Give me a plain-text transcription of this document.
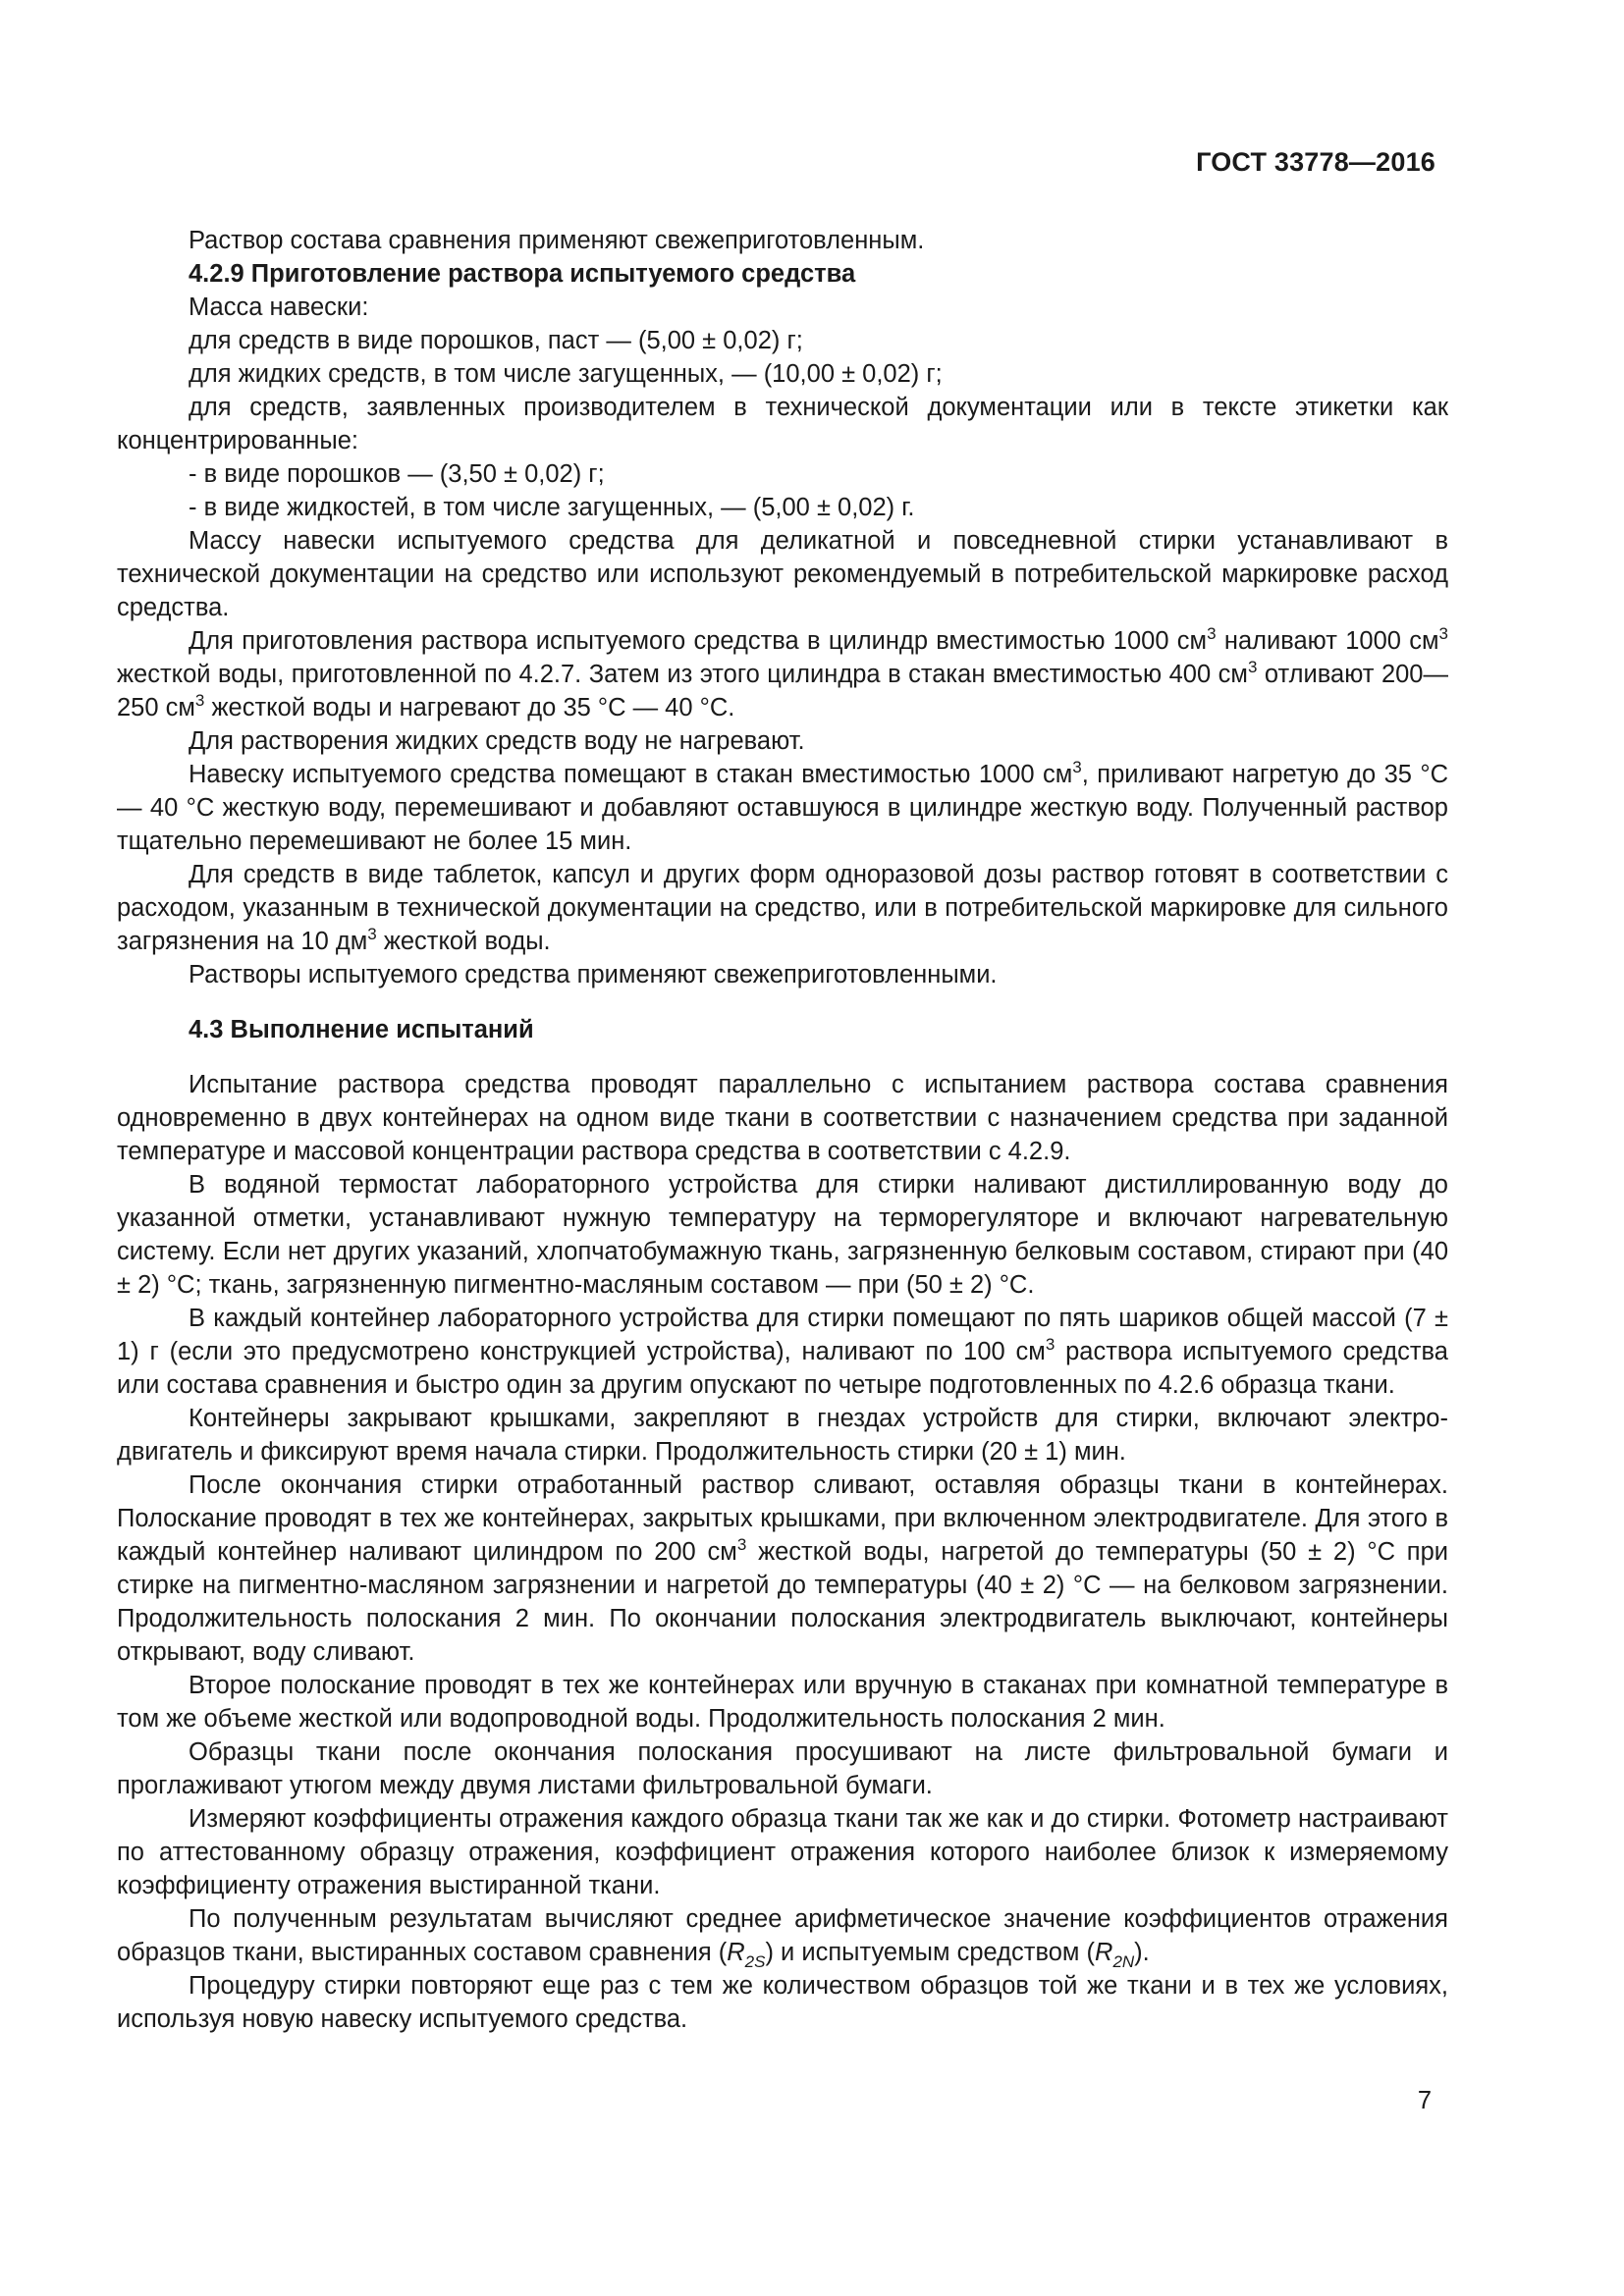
ГОСТ 33778—2016

Раствор состава сравнения применяют свежеприготовленным.

4.2.9 Приготовление раствора испытуемого средства

Масса навески:

для средств в виде порошков, паст — (5,00 ± 0,02) г;

для жидких средств, в том числе загущенных, — (10,00 ± 0,02) г;

для средств, заявленных производителем в технической документации или в тексте этикетки как концентрированные:

- в виде порошков — (3,50 ± 0,02) г;

- в виде жидкостей, в том числе загущенных, — (5,00 ± 0,02) г.

Массу навески испытуемого средства для деликатной и повседневной стирки устанавливают в технической документации на средство или используют рекомендуемый в потребительской маркировке расход средства.

Для приготовления раствора испытуемого средства в цилиндр вместимостью 1000 $см^3$ наливают 1000 $см^3$ жесткой воды, приготовленной по 4.2.7. Затем из этого цилиндра в стакан вместимостью 400 $см^3$ отливают 200—250 $см^3$ жесткой воды и нагревают до 35 °С — 40 °С.

Для растворения жидких средств воду не нагревают.

Навеску испытуемого средства помещают в стакан вместимостью 1000 $см^3$, приливают нагретую до 35 °С — 40 °С жесткую воду, перемешивают и добавляют оставшуюся в цилиндре жесткую воду. Полученный раствор тщательно перемешивают не более 15 мин.

Для средств в виде таблеток, капсул и других форм одноразовой дозы раствор готовят в соответствии с расходом, указанным в технической документации на средство, или в потребительской маркировке для сильного загрязнения на 10 $дм^3$ жесткой воды.

Растворы испытуемого средства применяют свежеприготовленными.

4.3 Выполнение испытаний

Испытание раствора средства проводят параллельно с испытанием раствора состава сравнения одновременно в двух контейнерах на одном виде ткани в соответствии с назначением средства при заданной температуре и массовой концентрации раствора средства в соответствии с 4.2.9.

В водяной термостат лабораторного устройства для стирки наливают дистиллированную воду до указанной отметки, устанавливают нужную температуру на терморегуляторе и включают нагревательную систему. Если нет других указаний, хлопчатобумажную ткань, загрязненную белковым составом, стирают при (40 ± 2) °С; ткань, загрязненную пигментно-масляным составом — при (50 ± 2) °С.

В каждый контейнер лабораторного устройства для стирки помещают по пять шариков общей массой (7 ± 1) г (если это предусмотрено конструкцией устройства), наливают по 100 $см^3$ раствора испытуемого средства или состава сравнения и быстро один за другим опускают по четыре подготовленных по 4.2.6 образца ткани.

Контейнеры закрывают крышками, закрепляют в гнездах устройств для стирки, включают электродвигатель и фиксируют время начала стирки. Продолжительность стирки (20 ± 1) мин.

После окончания стирки отработанный раствор сливают, оставляя образцы ткани в контейнерах. Полоскание проводят в тех же контейнерах, закрытых крышками, при включенном электродвигателе. Для этого в каждый контейнер наливают цилиндром по 200 $см^3$ жесткой воды, нагретой до температуры (50 ± 2) °С при стирке на пигментно-масляном загрязнении и нагретой до температуры (40 ± 2) °С — на белковом загрязнении. Продолжительность полоскания 2 мин. По окончании полоскания электродвигатель выключают, контейнеры открывают, воду сливают.

Второе полоскание проводят в тех же контейнерах или вручную в стаканах при комнатной температуре в том же объеме жесткой или водопроводной воды. Продолжительность полоскания 2 мин.

Образцы ткани после окончания полоскания просушивают на листе фильтровальной бумаги и проглаживают утюгом между двумя листами фильтровальной бумаги.

Измеряют коэффициенты отражения каждого образца ткани так же как и до стирки. Фотометр настраивают по аттестованному образцу отражения, коэффициент отражения которого наиболее близок к измеряемому коэффициенту отражения выстиранной ткани.

По полученным результатам вычисляют среднее арифметическое значение коэффициентов отражения образцов ткани, выстиранных составом сравнения $(R_{2S})$ и испытуемым средством $(R_{2N})$.

Процедуру стирки повторяют еще раз с тем же количеством образцов той же ткани и в тех же условиях, используя новую навеску испытуемого средства.

7
